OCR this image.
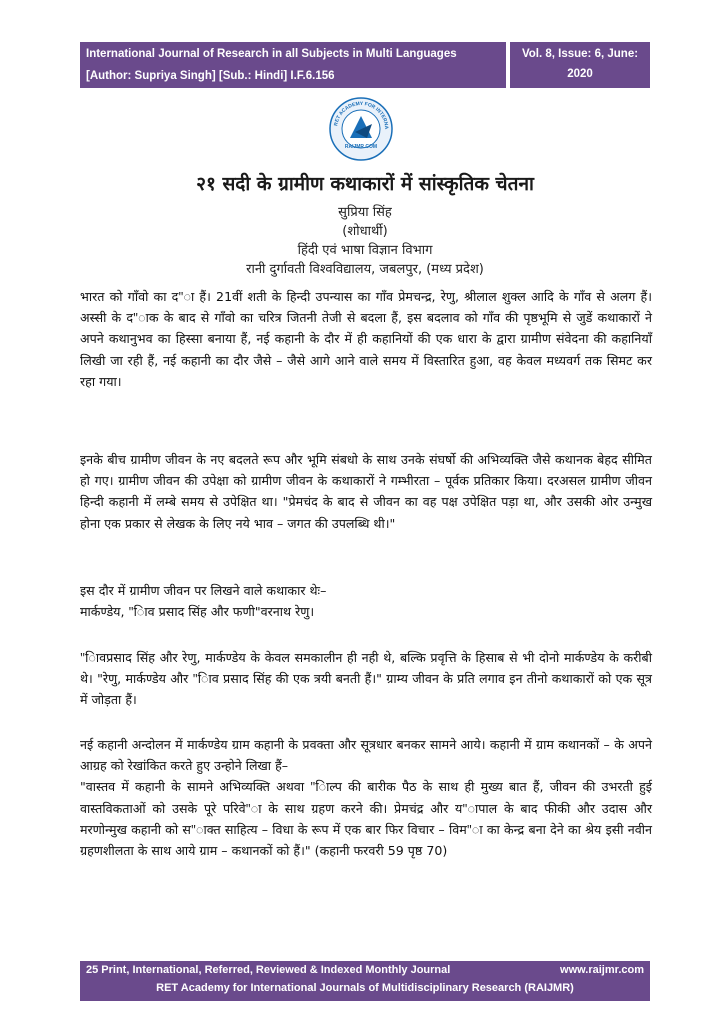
International Journal of Research in all Subjects in Multi Languages
[Author: Supriya Singh] [Sub.: Hindi] I.F.6.156
Vol. 8, Issue: 6, June: 2020
(IJRSML) ISSN: 2321 - 2853
RET ACADEMY FOR INTERNA
RAIJMR.COM
२१ सदी के ग्रामीण कथाकारों में सांस्कृतिक चेतना
सुप्रिया सिंह
(शोधार्थी)
हिंदी एवं भाषा विज्ञान विभाग
रानी दुर्गावती विश्वविद्यालय, जबलपुर, (मध्य प्रदेश)

भारत को गाँवो का द"ा हैं। 21वीं शती के हिन्दी उपन्यास का गाँव प्रेमचन्द्र, रेणु, श्रीलाल शुक्ल आदि के गाँव से अलग हैं। अस्सी के द"ाक के बाद से गाँवो का चरित्र जितनी तेजी से बदला हैं, इस बदलाव को गाँव की पृष्ठभूमि से जुडें कथाकारों ने अपने कथानुभव का हिस्सा बनाया हैं, नई कहानी के दौर में ही कहानियों की एक धारा के द्वारा ग्रामीण संवेदना की कहानियाँ लिखी जा रही हैं, नई कहानी का दौर जैसे – जैसे आगे आने वाले समय में विस्तारित हुआ, वह केवल मध्यवर्ग तक सिमट कर रहा गया।

इनके बीच ग्रामीण जीवन के नए बदलते रूप और भूमि संबधो के साथ उनके संघर्षो की अभिव्यक्ति जैसे कथानक बेहद सीमित हो गए। ग्रामीण जीवन की उपेक्षा को ग्रामीण जीवन के कथाकारों ने गम्भीरता – पूर्वक प्रतिकार किया। दरअसल ग्रामीण जीवन हिन्दी कहानी में लम्बे समय से उपेक्षित था। "प्रेमचंद के बाद से जीवन का वह पक्ष उपेक्षित पड़ा था, और उसकी ओर उन्मुख होना एक प्रकार से लेखक के लिए नये भाव – जगत की उपलब्धि थी।"

इस दौर में ग्रामीण जीवन पर लिखने वाले कथाकार थेः–

मार्कण्डेय, "िाव प्रसाद सिंह और फणी"वरनाथ रेणु।

"िावप्रसाद सिंह और रेणु, मार्कण्डेय के केवल समकालीन ही नही थे, बल्कि प्रवृत्ति के हिसाब से भी दोनो मार्कण्डेय के करीबी थे। "रेणु, मार्कण्डेय और "िाव प्रसाद सिंह की एक त्रयी बनती हैं।" ग्राम्य जीवन के प्रति लगाव इन तीनो कथाकारों को एक सूत्र में जोड़ता हैं।

नई कहानी अन्दोलन में मार्कण्डेय ग्राम कहानी के प्रवक्ता और सूत्रधार बनकर सामने आये। कहानी में ग्राम कथानकों – के अपने आग्रह को रेखांकित करते हुए उन्होने लिखा हैं–

"वास्तव में कहानी के सामने अभिव्यक्ति अथवा "िाल्प की बारीक पैठ के साथ ही मुख्य बात हैं, जीवन की उभरती हुई वास्तविकताओं को उसके पूरे परिवे"ा के साथ ग्रहण करने की। प्रेमचंद्र और य"ापाल के बाद फीकी और उदास और मरणोन्मुख कहानी को स"ाक्त साहित्य – विधा के रूप में एक बार फिर विचार – विम"ा का केन्द्र बना देने का श्रेय इसी नवीन ग्रहणशीलता के साथ आये ग्राम – कथानकों को हैं।" (कहानी फरवरी 59 पृष्ठ 70)

25 Print, International, Referred, Reviewed & Indexed Monthly Journal	www.raijmr.com
RET Academy for International Journals of Multidisciplinary Research (RAIJMR)
